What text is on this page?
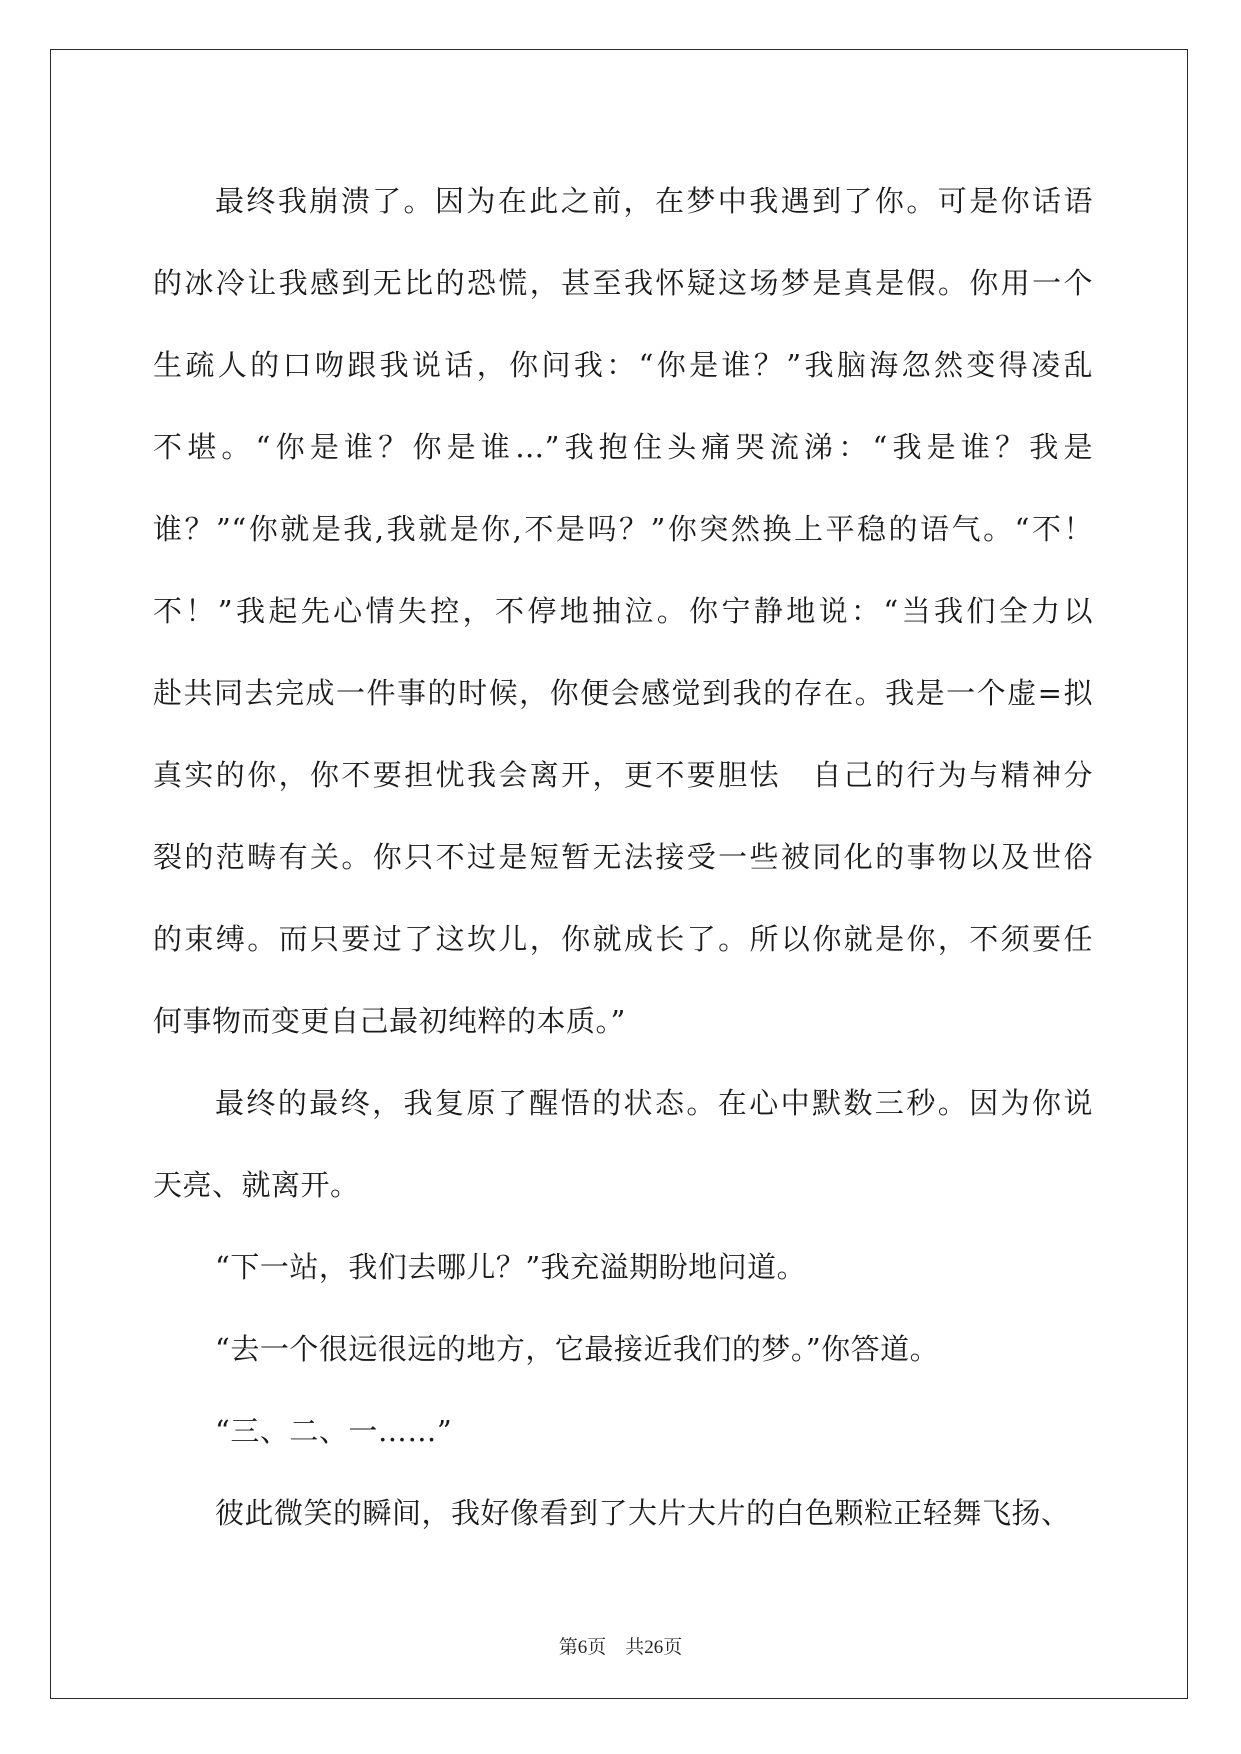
最终我崩溃了。因为在此之前，在梦中我遇到了你。可是你话语
的冰冷让我感到无比的恐慌，甚至我怀疑这场梦是真是假。你用一个
生疏人的口吻跟我说话，你问我：“你是谁？”我脑海忽然变得凌乱
不堪。“你是谁？你是谁…”我抱住头痛哭流涕：“我是谁？我是
谁？”“你就是我,我就是你,不是吗？”你突然换上平稳的语气。“不！
不！”我起先心情失控，不停地抽泣。你宁静地说：“当我们全力以
赴共同去完成一件事的时候，你便会感觉到我的存在。我是一个虚=拟
真实的你，你不要担忧我会离开，更不要胆怯　自己的行为与精神分
裂的范畴有关。你只不过是短暂无法接受一些被同化的事物以及世俗
的束缚。而只要过了这坎儿，你就成长了。所以你就是你，不须要任
何事物而变更自己最初纯粹的本质。”
最终的最终，我复原了醒悟的状态。在心中默数三秒。因为你说
天亮、就离开。
“下一站，我们去哪儿？”我充溢期盼地问道。
“去一个很远很远的地方，它最接近我们的梦。”你答道。
“三、二、一……”
彼此微笑的瞬间，我好像看到了大片大片的白色颗粒正轻舞飞扬、
第6页　共26页
